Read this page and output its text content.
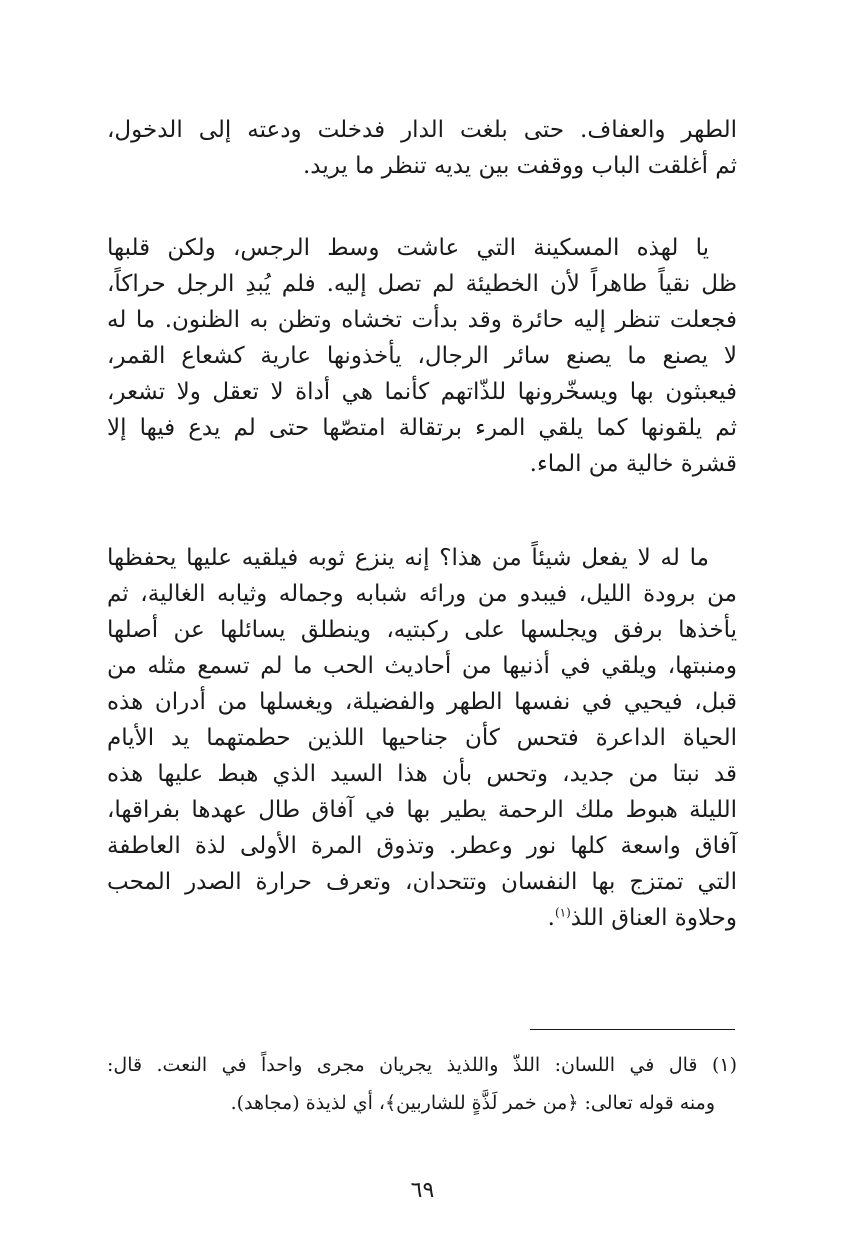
الطهر والعفاف. حتى بلغت الدار فدخلت ودعته إلى الدخول،
ثم أغلقت الباب ووقفت بين يديه تنظر ما يريد.

يا لهذه المسكينة التي عاشت وسط الرجس، ولكن قلبها
ظل نقياً طاهراً لأن الخطيئة لم تصل إليه. فلم يُبدِ الرجل حراكاً،
فجعلت تنظر إليه حائرة وقد بدأت تخشاه وتظن به الظنون. ما له
لا يصنع ما يصنع سائر الرجال، يأخذونها عارية كشعاع القمر،
فيعبثون بها ويسخّرونها للذّاتهم كأنما هي أداة لا تعقل ولا تشعر،
ثم يلقونها كما يلقي المرء برتقالة امتصّها حتى لم يدع فيها إلا
قشرة خالية من الماء.

ما له لا يفعل شيئاً من هذا؟ إنه ينزع ثوبه فيلقيه عليها يحفظها
من برودة الليل، فيبدو من ورائه شبابه وجماله وثيابه الغالية، ثم
يأخذها برفق ويجلسها على ركبتيه، وينطلق يسائلها عن أصلها
ومنبتها، ويلقي في أذنيها من أحاديث الحب ما لم تسمع مثله من
قبل، فيحيي في نفسها الطهر والفضيلة، ويغسلها من أدران هذه
الحياة الداعرة فتحس كأن جناحيها اللذين حطمتهما يد الأيام
قد نبتا من جديد، وتحس بأن هذا السيد الذي هبط عليها هذه
الليلة هبوط ملك الرحمة يطير بها في آفاق طال عهدها بفراقها،
آفاق واسعة كلها نور وعطر. وتذوق المرة الأولى لذة العاطفة
التي تمتزج بها النفسان وتتحدان، وتعرف حرارة الصدر المحب
وحلاوة العناق اللذ$^{(١)}$.

(١) قال في اللسان: اللذّ واللذيذ يجريان مجرى واحداً في النعت. قال:
ومنه قوله تعالى: ﴿من خمر لَذَّةٍ للشاربين﴾، أي لذيذة (مجاهد).
٦٩
